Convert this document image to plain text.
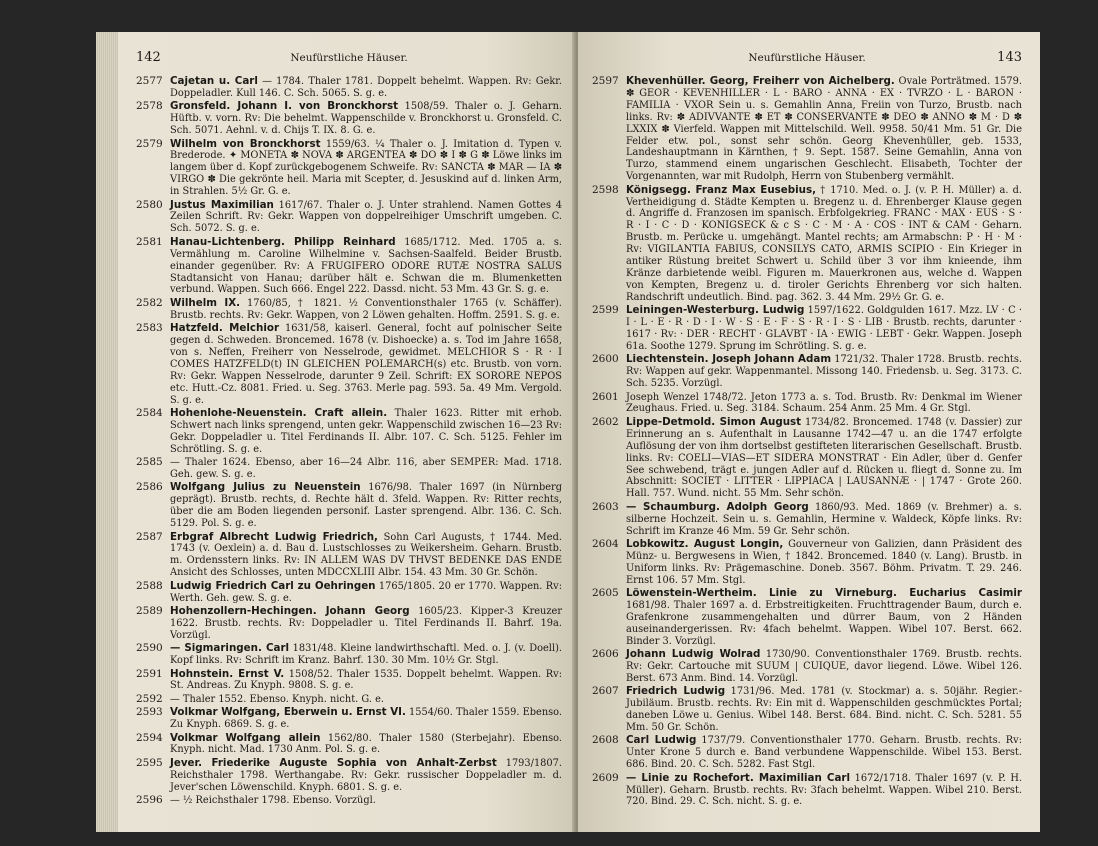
142	Neufürstliche Häuser.
2577 Cajetan u. Carl — 1784. Thaler 1781. Doppelt behelmt. Wappen. Rv: Gekr. Doppeladler. Kull 146. C. Sch. 5065. S. g. e.
2578 Gronsfeld. Johann I. von Bronckhorst 1508/59. Thaler o. J. Geharn. Hüftb. v. vorn. Rv: Die behelmt. Wappenschilde v. Bronckhorst u. Gronsfeld. C. Sch. 5071. Aehnl. v. d. Chijs T. IX. 8. G. e.
2579 Wilhelm von Bronckhorst 1559/63. ¼ Thaler o. J. Imitation d. Typen v. Brederode. ✦ MONETA ✽ NOVA ✽ ARGENTEA ✽ DO ✽ I ✽ G ✽ Löwe links im langem über d. Kopf zurückgebogenem Schweife. Rv: SANCTA ✽ MAR — IA ✽ VIRGO ✽ Die gekrönte heil. Maria mit Scepter, d. Jesuskind auf d. linken Arm, in Strahlen. 5½ Gr. G. e.
2580 Justus Maximilian 1617/67. Thaler o. J. Unter strahlend. Namen Gottes 4 Zeilen Schrift. Rv: Gekr. Wappen von doppelreihiger Umschrift umgeben. C. Sch. 5072. S. g. e.
2581 Hanau-Lichtenberg. Philipp Reinhard 1685/1712. Med. 1705 a. s. Vermählung m. Caroline Wilhelmine v. Sachsen-Saalfeld. Beider Brustb. einander gegenüber. Rv: A FRUGIFERO ODORE RUTÆ NOSTRA SALUS Stadtansicht von Hanau; darüber hält e. Schwan die m. Blumenketten verbund. Wappen. Such 666. Engel 222. Dassd. nicht. 53 Mm. 43 Gr. S. g. e.
2582 Wilhelm IX. 1760/85, † 1821. ½ Conventionsthaler 1765 (v. Schäffer). Brustb. rechts. Rv: Gekr. Wappen, von 2 Löwen gehalten. Hoffm. 2591. S. g. e.
2583 Hatzfeld. Melchior 1631/58, kaiserl. General, focht auf polnischer Seite gegen d. Schweden. Broncemed. 1678 (v. Dishoecke) a. s. Tod im Jahre 1658, von s. Neffen, Freiherr von Nesselrode, gewidmet. MELCHIOR S · R · I COMES HATZFELD(t) IN GLEICHEN POLEMARCH(s) etc. Brustb. von vorn. Rv: Gekr. Wappen Nesselrode, darunter 9 Zeil. Schrift: EX SORORE NEPOS etc. Hutt.-Cz. 8081. Fried. u. Seg. 3763. Merle pag. 593. 5a. 49 Mm. Vergold. S. g. e.
2584 Hohenlohe-Neuenstein. Craft allein. Thaler 1623. Ritter mit erhob. Schwert nach links sprengend, unten gekr. Wappenschild zwischen 16—23 Rv: Gekr. Doppeladler u. Titel Ferdinands II. Albr. 107. C. Sch. 5125. Fehler im Schrötling. S. g. e.
2585 — Thaler 1624. Ebenso, aber 16—24 Albr. 116, aber SEMPER: Mad. 1718. Geh. gew. S. g. e.
2586 Wolfgang Julius zu Neuenstein 1676/98. Thaler 1697 (in Nürnberg geprägt). Brustb. rechts, d. Rechte hält d. 3feld. Wappen. Rv: Ritter rechts, über die am Boden liegenden personif. Laster sprengend. Albr. 136. C. Sch. 5129. Pol. S. g. e.
2587 Erbgraf Albrecht Ludwig Friedrich, Sohn Carl Augusts, † 1744. Med. 1743 (v. Oexlein) a. d. Bau d. Lustschlosses zu Weikersheim. Geharn. Brustb. m. Ordensstern links. Rv: IN ALLEM WAS DV THVST BEDENKE DAS ENDE Ansicht des Schlosses, unten MDCCXLIII Albr. 154. 43 Mm. 30 Gr. Schön.
2588 Ludwig Friedrich Carl zu Oehringen 1765/1805. 20 er 1770. Wappen. Rv: Werth. Geh. gew. S. g. e.
2589 Hohenzollern-Hechingen. Johann Georg 1605/23. Kipper-3 Kreuzer 1622. Brustb. rechts. Rv: Doppeladler u. Titel Ferdinands II. Bahrf. 19a. Vorzügl.
2590 — Sigmaringen. Carl 1831/48. Kleine landwirthschaftl. Med. o. J. (v. Doell). Kopf links. Rv: Schrift im Kranz. Bahrf. 130. 30 Mm. 10½ Gr. Stgl.
2591 Hohnstein. Ernst V. 1508/52. Thaler 1535. Doppelt behelmt. Wappen. Rv: St. Andreas. Zu Knyph. 9808. S. g. e.
2592 — Thaler 1552. Ebenso. Knyph. nicht. G. e.
2593 Volkmar Wolfgang, Eberwein u. Ernst VI. 1554/60. Thaler 1559. Ebenso. Zu Knyph. 6869. S. g. e.
2594 Volkmar Wolfgang allein 1562/80. Thaler 1580 (Sterbejahr). Ebenso. Knyph. nicht. Mad. 1730 Anm. Pol. S. g. e.
2595 Jever. Friederike Auguste Sophia von Anhalt-Zerbst 1793/1807. Reichsthaler 1798. Werthangabe. Rv: Gekr. russischer Doppeladler m. d. Jever'schen Löwenschild. Knyph. 6801. S. g. e.
2596 — ½ Reichsthaler 1798. Ebenso. Vorzügl.
Neufürstliche Häuser.	143
2597 Khevenhüller. Georg, Freiherr von Aichelberg. Ovale Porträtmed. 1579. ✽ GEOR · KEVENHILLER · L · BARO · ANNA · EX · TVRZO · L · BARON · FAMILIA · VXOR Sein u. s. Gemahlin Anna, Freiin von Turzo, Brustb. nach links. Rv: ✽ ADIVVANTE ✽ ET ✽ CONSERVANTE ✽ DEO ✽ ANNO ✽ M · D ✽ LXXIX ✽ Vierfeld. Wappen mit Mittelschild. Well. 9958. 50/41 Mm. 51 Gr. Die Felder etw. pol., sonst sehr schön. Georg Khevenhüller, geb. 1533, Landeshauptmann in Kärnthen, † 9. Sept. 1587. Seine Gemahlin, Anna von Turzo, stammend einem ungarischen Geschlecht. Elisabeth, Tochter der Vorgenannten, war mit Rudolph, Herrn von Stubenberg vermählt.
2598 Königsegg. Franz Max Eusebius, † 1710. Med. o. J. (v. P. H. Müller) a. d. Vertheidigung d. Städte Kempten u. Bregenz u. d. Ehrenberger Klause gegen d. Angriffe d. Franzosen im spanisch. Erbfolgekrieg. FRANC · MAX · EUS · S · R · I · C · D · KONIGSECK & c S · C · M · A · COS · INT & CAM · Geharn. Brustb. m. Perücke u. umgehängt. Mantel rechts; am Armabschn: P · H · M · Rv: VIGILANTIA FABIUS, CONSILYS CATO, ARMIS SCIPIO · Ein Krieger in antiker Rüstung breitet Schwert u. Schild über 3 vor ihm knieende, ihm Kränze darbietende weibl. Figuren m. Mauerkronen aus, welche d. Wappen von Kempten, Bregenz u. d. tiroler Gerichts Ehrenberg vor sich halten. Randschrift undeutlich. Bind. pag. 362. 3. 44 Mm. 29½ Gr. G. e.
2599 Leiningen-Westerburg. Ludwig 1597/1622. Goldgulden 1617. Mzz. LV · C · I · L · E · R · D · I · W · S · E · F · S · R · I · S · LIB · Brustb. rechts, darunter · 1617 · Rv: · DER · RECHT · GLAVBT · IA · EWIG · LEBT · Gekr. Wappen. Joseph 61a. Soothe 1279. Sprung im Schrötling. S. g. e.
2600 Liechtenstein. Joseph Johann Adam 1721/32. Thaler 1728. Brustb. rechts. Rv: Wappen auf gekr. Wappenmantel. Missong 140. Friedensb. u. Seg. 3173. C. Sch. 5235. Vorzügl.
2601 Joseph Wenzel 1748/72. Jeton 1773 a. s. Tod. Brustb. Rv: Denkmal im Wiener Zeughaus. Fried. u. Seg. 3184. Schaum. 254 Anm. 25 Mm. 4 Gr. Stgl.
2602 Lippe-Detmold. Simon August 1734/82. Broncemed. 1748 (v. Dassier) zur Erinnerung an s. Aufenthalt in Lausanne 1742—47 u. an die 1747 erfolgte Auflösung der von ihm dortselbst gestifteten literarischen Gesellschaft. Brustb. links. Rv: COELI—VIAS—ET SIDERA MONSTRAT · Ein Adler, über d. Genfer See schwebend, trägt e. jungen Adler auf d. Rücken u. fliegt d. Sonne zu. Im Abschnitt: SOCIET · LITTER · LIPPIACA | LAUSANNÆ · | 1747 · Grote 260. Hall. 757. Wund. nicht. 55 Mm. Sehr schön.
2603 — Schaumburg. Adolph Georg 1860/93. Med. 1869 (v. Brehmer) a. s. silberne Hochzeit. Sein u. s. Gemahlin, Hermine v. Waldeck, Köpfe links. Rv: Schrift im Kranze 46 Mm. 59 Gr. Sehr schön.
2604 Lobkowitz. August Longin, Gouverneur von Galizien, dann Präsident des Münz- u. Bergwesens in Wien, † 1842. Broncemed. 1840 (v. Lang). Brustb. in Uniform links. Rv: Prägemaschine. Doneb. 3567. Böhm. Privatm. T. 29. 246. Ernst 106. 57 Mm. Stgl.
2605 Löwenstein-Wertheim. Linie zu Virneburg. Eucharius Casimir 1681/98. Thaler 1697 a. d. Erbstreitigkeiten. Fruchttragender Baum, durch e. Grafenkrone zusammengehalten und dürrer Baum, von 2 Händen auseinandergerissen. Rv: 4fach behelmt. Wappen. Wibel 107. Berst. 662. Binder 3. Vorzügl.
2606 Johann Ludwig Wolrad 1730/90. Conventionsthaler 1769. Brustb. rechts. Rv: Gekr. Cartouche mit SUUM | CUIQUE, davor liegend. Löwe. Wibel 126. Berst. 673 Anm. Bind. 14. Vorzügl.
2607 Friedrich Ludwig 1731/96. Med. 1781 (v. Stockmar) a. s. 50jähr. Regier.-Jubiläum. Brustb. rechts. Rv: Ein mit d. Wappenschilden geschmücktes Portal; daneben Löwe u. Genius. Wibel 148. Berst. 684. Bind. nicht. C. Sch. 5281. 55 Mm. 50 Gr. Schön.
2608 Carl Ludwig 1737/79. Conventionsthaler 1770. Geharn. Brustb. rechts. Rv: Unter Krone 5 durch e. Band verbundene Wappenschilde. Wibel 153. Berst. 686. Bind. 20. C. Sch. 5282. Fast Stgl.
2609 — Linie zu Rochefort. Maximilian Carl 1672/1718. Thaler 1697 (v. P. H. Müller). Geharn. Brustb. rechts. Rv: 3fach behelmt. Wappen. Wibel 210. Berst. 720. Bind. 29. C. Sch. nicht. S. g. e.
